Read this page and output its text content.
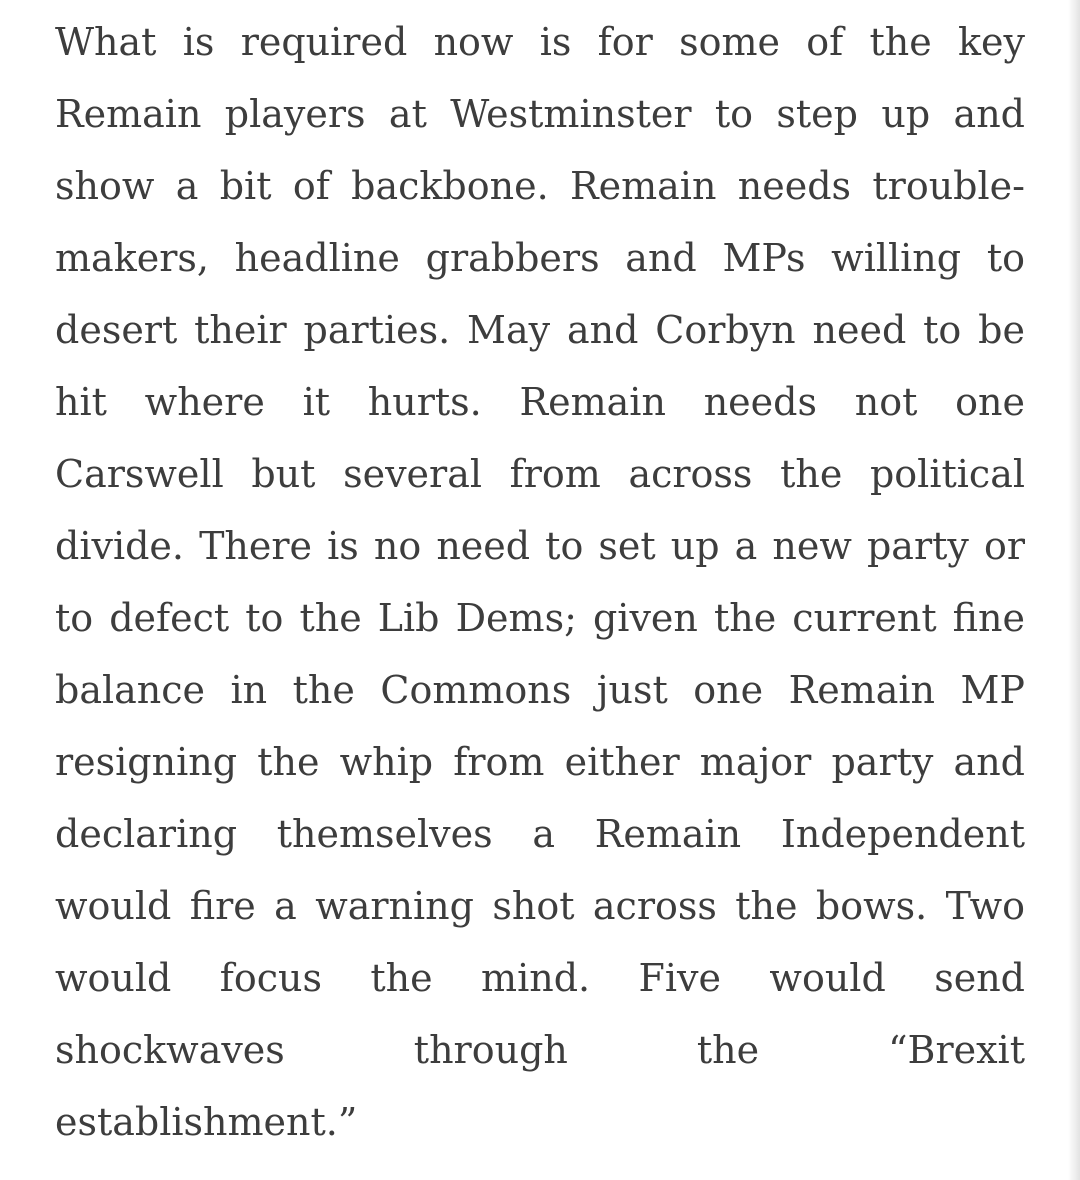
What is required now is for some of the key
Remain players at Westminster to step up and
show a bit of backbone. Remain needs trouble-
makers, headline grabbers and MPs willing to
desert their parties. May and Corbyn need to be
hit where it hurts. Remain needs not one
Carswell but several from across the political
divide. There is no need to set up a new party or
to defect to the Lib Dems; given the current fine
balance in the Commons just one Remain MP
resigning the whip from either major party and
declaring themselves a Remain Independent
would fire a warning shot across the bows. Two
would focus the mind. Five would send
shockwaves through the “Brexit
establishment.”
